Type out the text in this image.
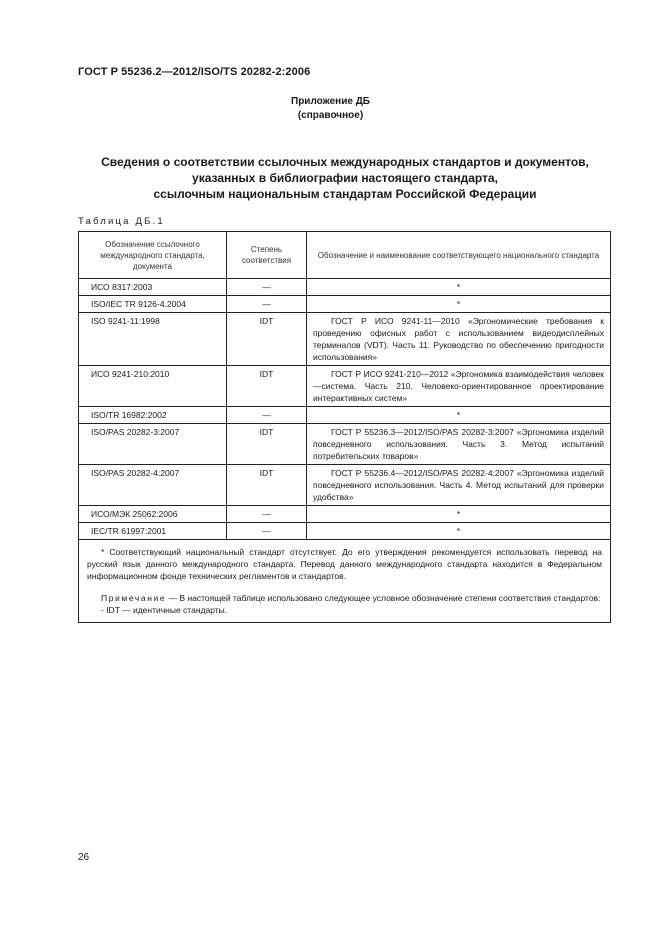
ГОСТ Р 55236.2—2012/ISO/TS 20282-2:2006
Приложение ДБ
(справочное)
Сведения о соответствии ссылочных международных стандартов и документов,
указанных в библиографии настоящего стандарта,
ссылочным национальным стандартам Российской Федерации
Таблица ДБ.1
Обозначение ссылочного международного стандарта, документа	Степень соответствия	Обозначение и наименование соответствующего национального стандарта
ИСО 8317:2003	—	*
ISO/IEC TR 9126-4.2004	—	*
ISO 9241-11:1998	IDT	ГОСТ Р ИСО 9241-11—2010 «Эргономические требования к проведению офисных работ с использованием видеодисплейных терминалов (VDT). Часть 11. Руководство по обеспечению пригодности использования»
ИСО 9241-210:2010	IDT	ГОСТ Р ИСО 9241-210—2012 «Эргономика взаимодействия человек—система. Часть 210. Человеко-ориентированное проектирование интерактивных систем»
ISO/TR 16982:2002	—	*
ISO/PAS 20282-3:2007	IDT	ГОСТ Р 55236.3—2012/ISO/PAS 20282-3:2007 «Эргономика изделий повседневного использования. Часть 3. Метод испытаний потребительских товаров»
ISO/PAS 20282-4:2007	IDT	ГОСТ Р 55236.4—2012/ISO/PAS 20282-4:2007 «Эргономика изделий повседневного использования. Часть 4. Метод испытаний для проверки удобства»
ИСО/МЭК 25062:2006	—	*
IEC/TR 61997:2001	—	*

* Соответствующий национальный стандарт отсутствует. До его утверждения рекомендуется использовать перевод на русский язык данного международного стандарта. Перевод данного международного стандарта находится в Федеральном информационном фонде технических регламентов и стандартов.

Примечание — В настоящей таблице использовано следующее условное обозначение степени соответствия стандартов:

- IDT — идентичные стандарты.		

26
